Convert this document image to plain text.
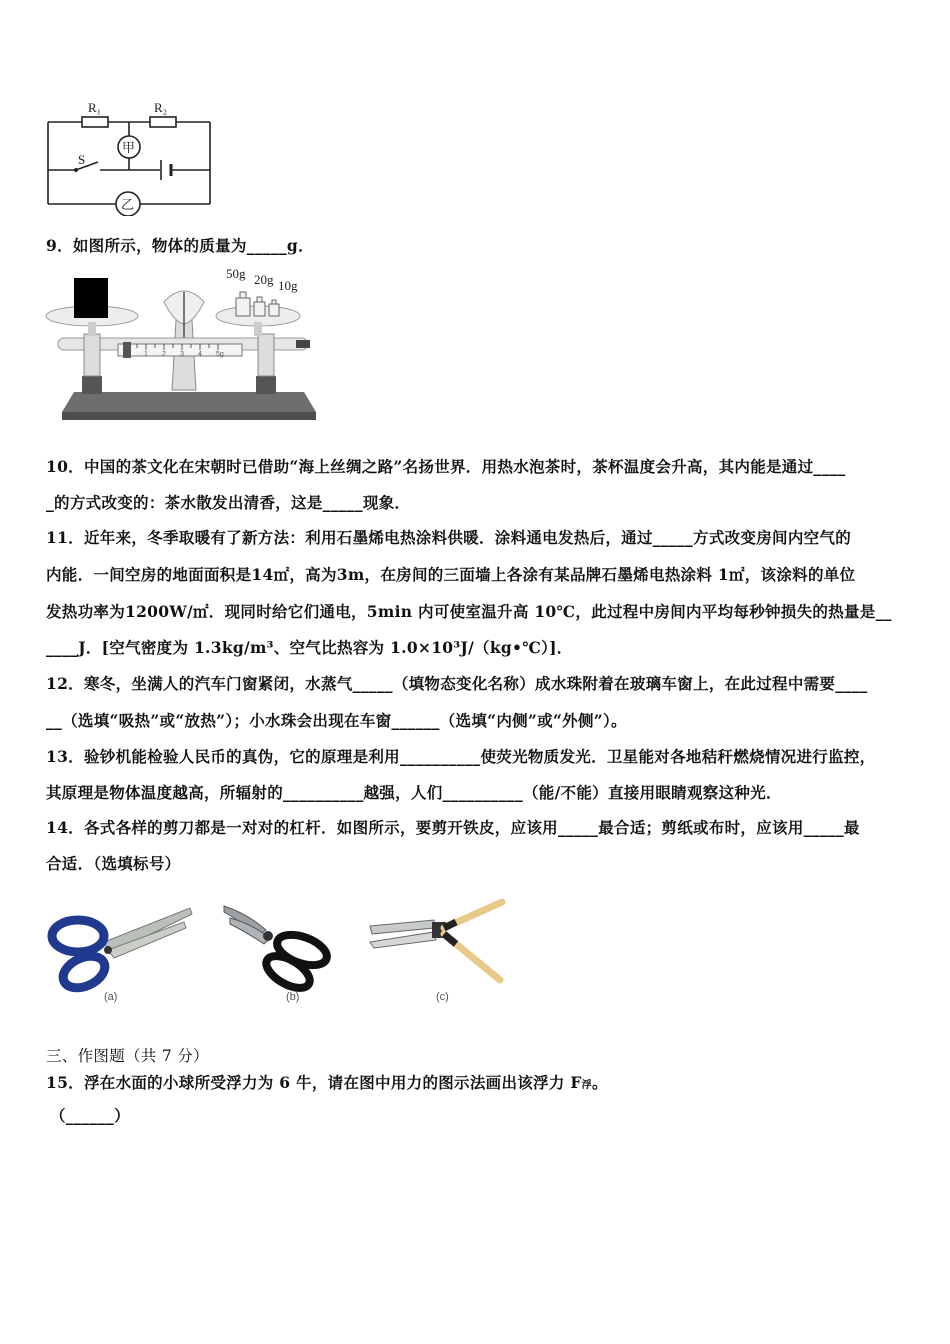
R₁	R₂
S
甲
乙
9．如图所示，物体的质量为_____g．
0 1 2 3 4 5g
50g 20g 10g
10．中国的茶文化在宋朝时已借助“海上丝绸之路”名扬世界．用热水泡茶时，茶杯温度会升高，其内能是通过____
_的方式改变的：茶水散发出清香，这是_____现象．
11．近年来，冬季取暖有了新方法：利用石墨烯电热涂料供暖．涂料通电发热后，通过_____方式改变房间内空气的
内能．一间空房的地面面积是14㎡，高为3m，在房间的三面墙上各涂有某品牌石墨烯电热涂料 1㎡，该涂料的单位
发热功率为1200W/㎡．现同时给它们通电，5min 内可使室温升高 10℃，此过程中房间内平均每秒钟损失的热量是__
____J．[空气密度为 1.3kg/m³、空气比热容为 1.0×10³J/（kg•℃）]．
12．寒冬，坐满人的汽车门窗紧闭，水蒸气_____（填物态变化名称）成水珠附着在玻璃车窗上，在此过程中需要____
__（选填“吸热”或“放热”）；小水珠会出现在车窗______（选填“内侧”或“外侧”）。
13．验钞机能检验人民币的真伪，它的原理是利用__________使荧光物质发光．卫星能对各地秸秆燃烧情况进行监控，
其原理是物体温度越高，所辐射的__________越强，人们__________（能/不能）直接用眼睛观察这种光．
14．各式各样的剪刀都是一对对的杠杆．如图所示，要剪开铁皮，应该用_____最合适；剪纸或布时，应该用_____最
合适．（选填标号）
(a)	(b)	(c)
三、作图题（共 7 分）
15．浮在水面的小球所受浮力为 6 牛，请在图中用力的图示法画出该浮力 F浮。
（______）
